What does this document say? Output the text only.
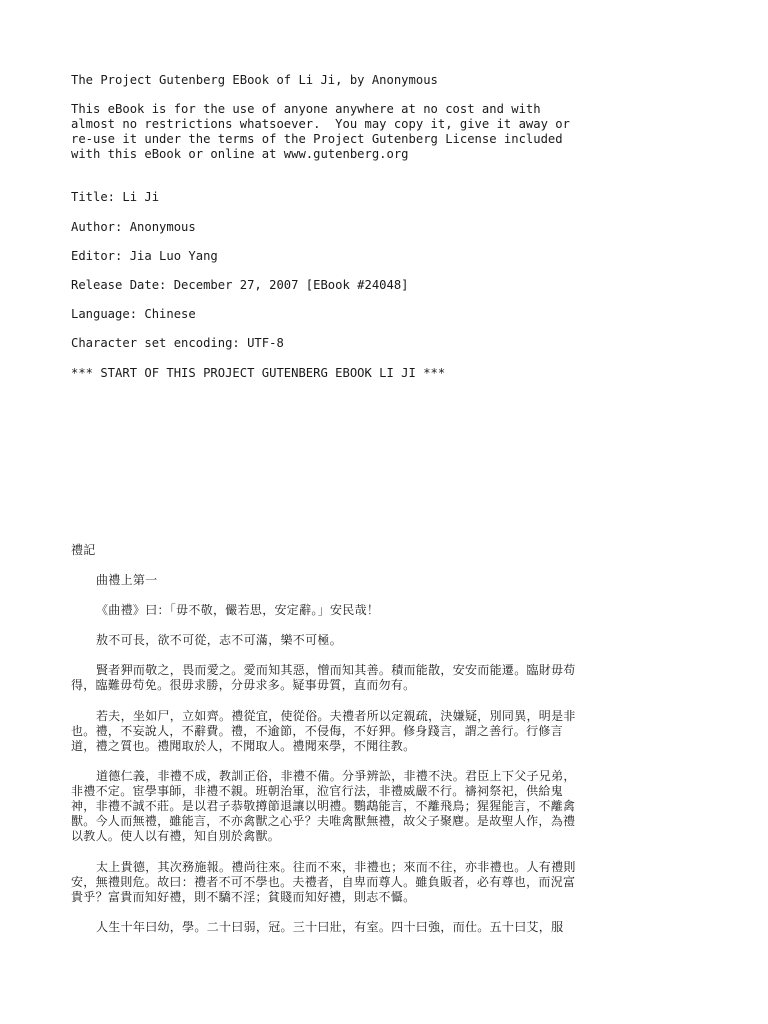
The Project Gutenberg EBook of Li Ji, by Anonymous
This eBook is for the use of anyone anywhere at no cost and with
almost no restrictions whatsoever.  You may copy it, give it away or
re-use it under the terms of the Project Gutenberg License included
with this eBook or online at www.gutenberg.org
Title: Li Ji
Author: Anonymous
Editor: Jia Luo Yang
Release Date: December 27, 2007 [EBook #24048]
Language: Chinese
Character set encoding: UTF-8
*** START OF THIS PROJECT GUTENBERG EBOOK LI JI ***
禮記
曲禮上第一
《曲禮》曰：「毋不敬，儼若思，安定辭。」安民哉！
敖不可長，欲不可從，志不可滿，樂不可極。
賢者狎而敬之，畏而愛之。愛而知其惡，憎而知其善。積而能散，安安而能遷。臨財毋苟得，臨難毋苟免。很毋求勝，分毋求多。疑事毋質，直而勿有。
若夫，坐如尸，立如齊。禮從宜，使從俗。夫禮者所以定親疏，決嫌疑，別同異，明是非也。禮，不妄說人，不辭費。禮，不逾節，不侵侮，不好狎。修身踐言，謂之善行。行修言道，禮之質也。禮聞取於人，不聞取人。禮聞來學，不聞往教。
道德仁義，非禮不成，教訓正俗，非禮不備。分爭辨訟，非禮不決。君臣上下父子兄弟，非禮不定。宦學事師，非禮不親。班朝治軍，涖官行法，非禮威嚴不行。禱祠祭祀，供給鬼神，非禮不誠不莊。是以君子恭敬撙節退讓以明禮。鸚鵡能言，不離飛鳥；猩猩能言，不離禽獸。今人而無禮，雖能言，不亦禽獸之心乎？夫唯禽獸無禮，故父子聚麀。是故聖人作，為禮以教人。使人以有禮，知自別於禽獸。
太上貴德，其次務施報。禮尚往來。往而不來，非禮也；來而不往，亦非禮也。人有禮則安，無禮則危。故曰：禮者不可不學也。夫禮者，自卑而尊人。雖負販者，必有尊也，而況富貴乎？富貴而知好禮，則不驕不淫；貧賤而知好禮，則志不懾。
人生十年曰幼，學。二十曰弱，冠。三十曰壯，有室。四十曰強，而仕。五十曰艾，服
